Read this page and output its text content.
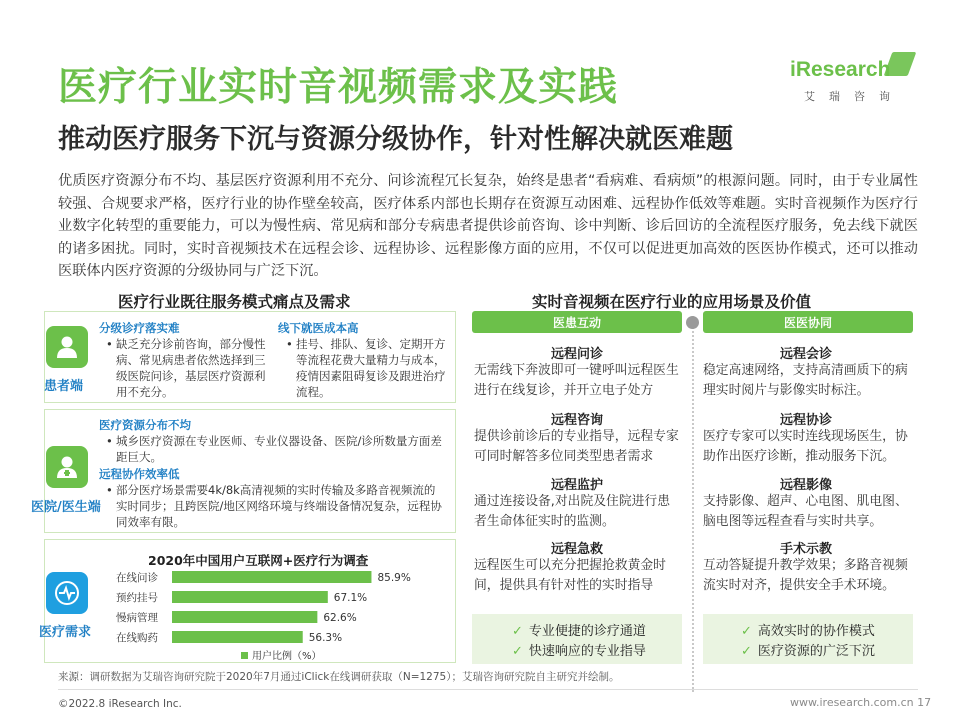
医疗行业实时音视频需求及实践
推动医疗服务下沉与资源分级协作，针对性解决就医难题
iResearch
艾瑞咨询
优质医疗资源分布不均、基层医疗资源利用不充分、问诊流程冗长复杂，始终是患者“看病难、看病烦”的根源问题。同时，由于专业属性较强、合规要求严格，医疗行业的协作壁垒较高，医疗体系内部也长期存在资源互动困难、远程协作低效等难题。实时音视频作为医疗行业数字化转型的重要能力，可以为慢性病、常见病和部分专病患者提供诊前咨询、诊中判断、诊后回访的全流程医疗服务，免去线下就医的诸多困扰。同时，实时音视频技术在远程会诊、远程协诊、远程影像方面的应用，不仅可以促进更加高效的医医协作模式，还可以推动医联体内医疗资源的分级协同与广泛下沉。
医疗行业既往服务模式痛点及需求
患者端
分级诊疗落实难
• 缺乏充分诊前咨询，部分慢性病、常见病患者依然选择到三级医院问诊，基层医疗资源利用不充分。
线下就医成本高
• 挂号、排队、复诊、定期开方等流程花费大量精力与成本，疫情因素阻碍复诊及跟进治疗流程。
医院/医生端
医疗资源分布不均
• 城乡医疗资源在专业医师、专业仪器设备、医院/诊所数量方面差距巨大。
远程协作效率低
• 部分医疗场景需要4k/8k高清视频的实时传输及多路音视频流的实时同步；且跨医院/地区网络环境与终端设备情况复杂，远程协同效率有限。
医疗需求
2020年中国用户互联网+医疗行为调查
在线问诊	85.9%
预约挂号	67.1%
慢病管理	62.6%
在线购药	56.3%
用户比例（%）
实时音视频在医疗行业的应用场景及价值
医患互动	医医协同
远程问诊
无需线下奔波即可一键呼叫远程医生进行在线复诊，并开立电子处方
远程咨询
提供诊前诊后的专业指导，远程专家可同时解答多位同类型患者需求
远程监护
通过连接设备,对出院及住院进行患者生命体征实时的监测。
远程急救
远程医生可以充分把握抢救黄金时间，提供具有针对性的实时指导
远程会诊
稳定高速网络，支持高清画质下的病理实时阅片与影像实时标注。
远程协诊
医疗专家可以实时连线现场医生，协助作出医疗诊断，推动服务下沉。
远程影像
支持影像、超声、心电图、肌电图、脑电图等远程查看与实时共享。
手术示教
互动答疑提升教学效果；多路音视频流实时对齐，提供安全手术环境。
✓ 专业便捷的诊疗通道
✓ 快速响应的专业指导
✓ 高效实时的协作模式
✓ 医疗资源的广泛下沉
来源：调研数据为艾瑞咨询研究院于2020年7月通过iClick在线调研获取（N=1275）；艾瑞咨询研究院自主研究并绘制。
©2022.8 iResearch Inc.	www.iresearch.com.cn 17
